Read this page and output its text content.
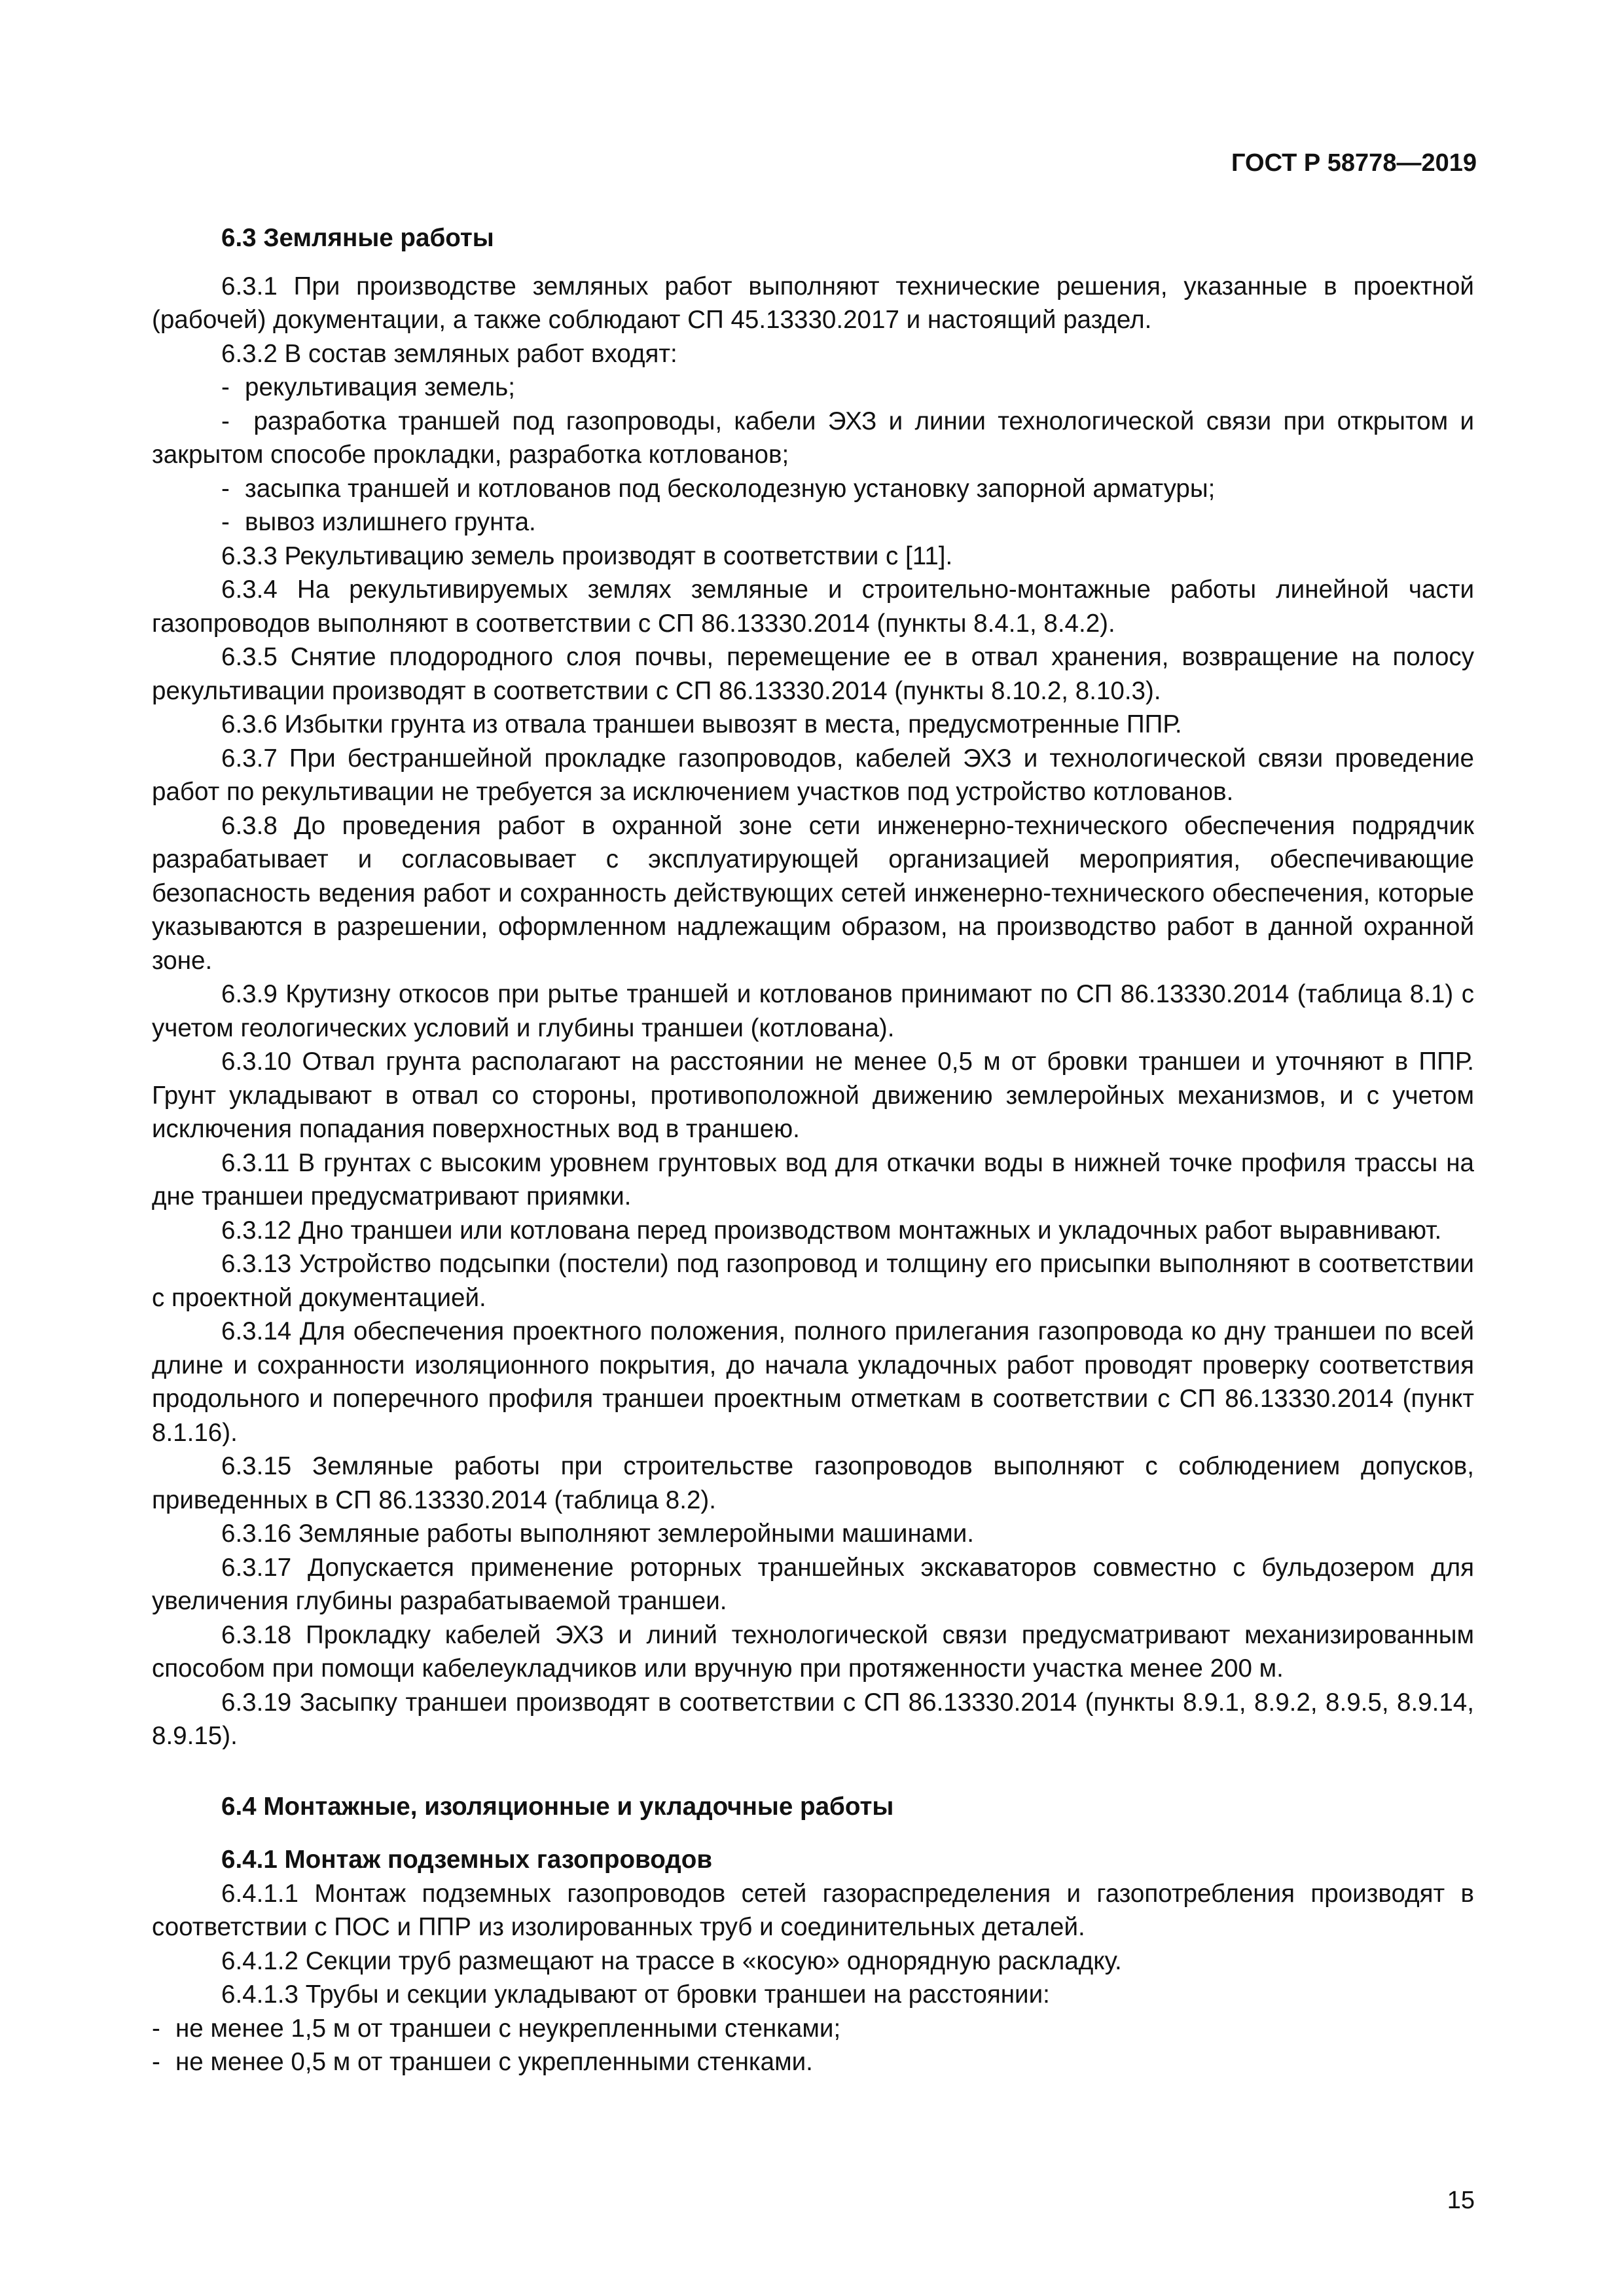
ГОСТ Р 58778—2019
6.3 Земляные работы

6.3.1 При производстве земляных работ выполняют технические решения, указанные в проектной (рабочей) документации, а также соблюдают СП 45.13330.2017 и настоящий раздел.

6.3.2 В состав земляных работ входят:

- рекультивация земель;

- разработка траншей под газопроводы, кабели ЭХЗ и линии технологической связи при открытом и закрытом способе прокладки, разработка котлованов;

- засыпка траншей и котлованов под бесколодезную установку запорной арматуры;
- вывоз излишнего грунта.

6.3.3 Рекультивацию земель производят в соответствии с [11].

6.3.4 На рекультивируемых землях земляные и строительно-монтажные работы линейной части газопроводов выполняют в соответствии с СП 86.13330.2014 (пункты 8.4.1, 8.4.2).

6.3.5 Снятие плодородного слоя почвы, перемещение ее в отвал хранения, возвращение на полосу рекультивации производят в соответствии с СП 86.13330.2014 (пункты 8.10.2, 8.10.3).

6.3.6 Избытки грунта из отвала траншеи вывозят в места, предусмотренные ППР.

6.3.7 При бестраншейной прокладке газопроводов, кабелей ЭХЗ и технологической связи проведение работ по рекультивации не требуется за исключением участков под устройство котлованов.

6.3.8 До проведения работ в охранной зоне сети инженерно-технического обеспечения подрядчик разрабатывает и согласовывает с эксплуатирующей организацией мероприятия, обеспечивающие безопасность ведения работ и сохранность действующих сетей инженерно-технического обеспечения, которые указываются в разрешении, оформленном надлежащим образом, на производство работ в данной охранной зоне.

6.3.9 Крутизну откосов при рытье траншей и котлованов принимают по СП 86.13330.2014 (таблица 8.1) с учетом геологических условий и глубины траншеи (котлована).

6.3.10 Отвал грунта располагают на расстоянии не менее 0,5 м от бровки траншеи и уточняют в ППР. Грунт укладывают в отвал со стороны, противоположной движению землеройных механизмов, и с учетом исключения попадания поверхностных вод в траншею.

6.3.11 В грунтах с высоким уровнем грунтовых вод для откачки воды в нижней точке профиля трассы на дне траншеи предусматривают приямки.

6.3.12 Дно траншеи или котлована перед производством монтажных и укладочных работ выравнивают.

6.3.13 Устройство подсыпки (постели) под газопровод и толщину его присыпки выполняют в соответствии с проектной документацией.

6.3.14 Для обеспечения проектного положения, полного прилегания газопровода ко дну траншеи по всей длине и сохранности изоляционного покрытия, до начала укладочных работ проводят проверку соответствия продольного и поперечного профиля траншеи проектным отметкам в соответствии с СП 86.13330.2014 (пункт 8.1.16).

6.3.15 Земляные работы при строительстве газопроводов выполняют с соблюдением допусков, приведенных в СП 86.13330.2014 (таблица 8.2).

6.3.16 Земляные работы выполняют землеройными машинами.

6.3.17 Допускается применение роторных траншейных экскаваторов совместно с бульдозером для увеличения глубины разрабатываемой траншеи.

6.3.18 Прокладку кабелей ЭХЗ и линий технологической связи предусматривают механизированным способом при помощи кабелеукладчиков или вручную при протяженности участка менее 200 м.

6.3.19 Засыпку траншеи производят в соответствии с СП 86.13330.2014 (пункты 8.9.1, 8.9.2, 8.9.5, 8.9.14, 8.9.15).

6.4 Монтажные, изоляционные и укладочные работы
6.4.1 Монтаж подземных газопроводов

6.4.1.1 Монтаж подземных газопроводов сетей газораспределения и газопотребления производят в соответствии с ПОС и ППР из изолированных труб и соединительных деталей.

6.4.1.2 Секции труб размещают на трассе в «косую» однорядную раскладку.

6.4.1.3 Трубы и секции укладывают от бровки траншеи на расстоянии:

- не менее 1,5 м от траншеи с неукрепленными стенками;
- не менее 0,5 м от траншеи с укрепленными стенками.
15
